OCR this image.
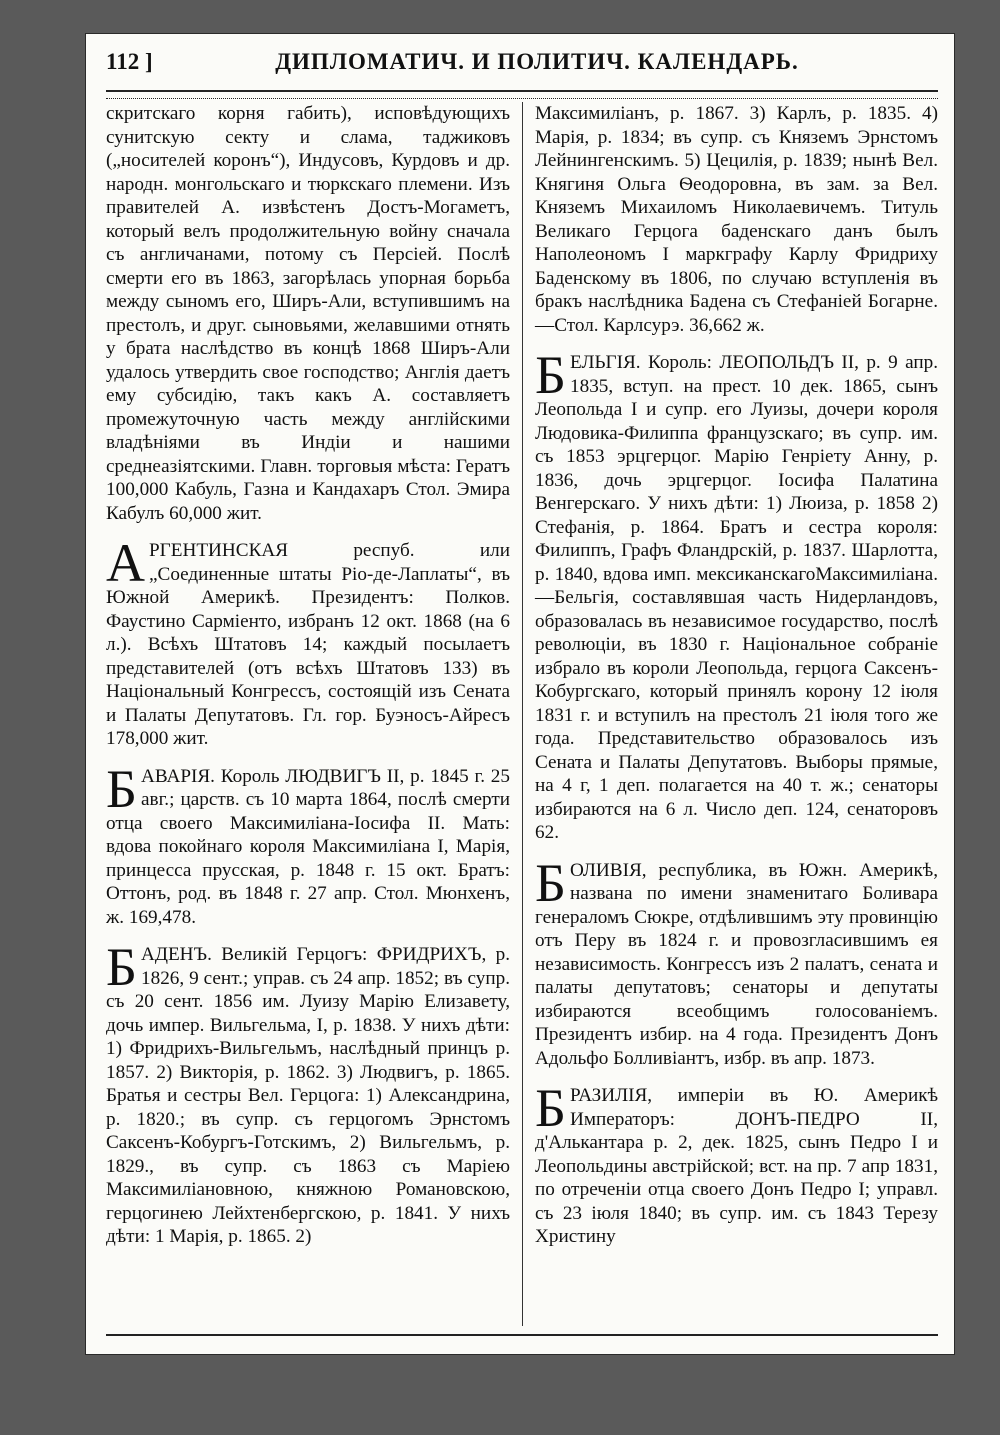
112 ]	ДИПЛОМАТИЧ. И ПОЛИТИЧ. КАЛЕНДАРЬ.

скритскаго корня габить), исповѣдующихъ сунитскую секту и слама, таджиковъ („носителей коронъ“), Индусовъ, Курдовъ и др. народн. монгольскаго и тюркскаго племени. Изъ правителей А. извѣстенъ Достъ-Могаметъ, который велъ продолжительную войну сначала съ англичанами, потому съ Персiей. Послѣ смерти его въ 1863, загорѣлась упорная борьба между сыномъ его, Ширъ-Али, вступившимъ на престолъ, и друг. сыновьями, желавшими отнять у брата наслѣдство въ концѣ 1868 Ширъ-Али удалось утвердить свое господство; Англiя даетъ ему субсидiю, такъ какъ А. составляетъ промежуточную часть между англiйскими владѣнiями въ Индiи и нашими среднеазiятскими. Главн. торговыя мѣста: Гератъ 100,000 Кабуль, Газна и Кандахаръ Стол. Эмира Кабулъ 60,000 жит.

А РГЕНТИНСКАЯ респуб. или „Соединенные штаты Рiо-де-Лаплаты“, въ Южной Америкѣ. Президентъ: Полков. Фаустино Сармiенто, избранъ 12 окт. 1868 (на 6 л.). Всѣхъ Штатовъ 14; каждый посылаетъ представителей (отъ всѣхъ Штатовъ 133) въ Національный Конгрессъ, состоящiй изъ Сената и Палаты Депутатовъ. Гл. гор. Буэносъ-Айресъ 178,000 жит.
Б АВАРIЯ. Король ЛЮДВИГЪ II, р. 1845 г. 25 авг.; царств. съ 10 марта 1864, послѣ смерти отца своего Максимилiана-Iосифа II. Мать: вдова покойнаго короля Максимилiана I, Марiя, принцесса прусская, р. 1848 г. 15 окт. Братъ: Оттонъ, род. въ 1848 г. 27 апр. Стол. Мюнхенъ, ж. 169,478.
Б АДЕНЪ. Великiй Герцогъ: ФРИДРИХЪ, р. 1826, 9 сент.; управ. съ 24 апр. 1852; въ супр. съ 20 сент. 1856 им. Луизу Марiю Елизавету, дочь импер. Вильгельма, I, р. 1838. У нихъ дѣти: 1) Фридрихъ-Вильгельмъ, наслѣдный принцъ р. 1857. 2) Викторiя, р. 1862. 3) Людвигъ, р. 1865. Братья и сестры Вел. Герцога: 1) Александрина, р. 1820.; въ супр. съ герцогомъ Эрнстомъ Саксенъ-Кобургъ-Готскимъ, 2) Вильгельмъ, р. 1829., въ супр. съ 1863 съ Марiею Максимилiановною, княжною Романовскою, герцогинею Лейхтенбергскою, р. 1841. У нихъ дѣти: 1 Марiя, р. 1865. 2)

Максимилiанъ, р. 1867. 3) Карлъ, р. 1835. 4) Марiя, р. 1834; въ супр. съ Княземъ Эрнстомъ Лейнингенскимъ. 5) Цецилiя, р. 1839; нынѣ Вел. Княгиня Ольга Ѳеодоровна, въ зам. за Вел. Княземъ Михаиломъ Николаевичемъ. Титуль Великаго Герцога баденскаго данъ былъ Наполеономъ I маркграфу Карлу Фридриху Баденскому въ 1806, по случаю вступленiя въ бракъ наслѣдника Бадена съ Стефанiей Богарне.—Стол. Карлсурэ. 36,662 ж.

Б ЕЛЬГIЯ. Король: ЛЕОПОЛЬДЪ II, р. 9 апр. 1835, вступ. на прест. 10 дек. 1865, сынъ Леопольда I и супр. его Луизы, дочери короля Людовика-Филиппа французскаго; въ супр. им. съ 1853 эрцгерцог. Марiю Генрiету Анну, р. 1836, дочь эрцгерцог. Iосифа Палатина Венгерскаго. У нихъ дѣти: 1) Люиза, р. 1858 2) Стефанiя, р. 1864. Братъ и сестра короля: Филиппъ, Графъ Фландрскiй, р. 1837. Шарлотта, р. 1840, вдова имп. мексиканскагоМаксимилiана.—Бельгiя, составлявшая часть Нидерландовъ, образовалась въ независимое государство, послѣ революцiи, въ 1830 г. Національное собранiе избрало въ короли Леопольда, герцога Саксенъ-Кобургскаго, который принялъ корону 12 iюля 1831 г. и вступилъ на престолъ 21 iюля того же года. Представительство образовалось изъ Сената и Палаты Депутатовъ. Выборы прямые, на 4 г, 1 деп. полагается на 40 т. ж.; сенаторы избираются на 6 л. Число деп. 124, сенаторовъ 62.
Б ОЛИВIЯ, республика, въ Южн. Америкѣ, названа по имени знаменитаго Боливара генераломъ Сюкре, отдѣлившимъ эту провинцiю отъ Перу въ 1824 г. и провозгласившимъ ея независимость. Конгрессъ изъ 2 палатъ, сената и палаты депутатовъ; сенаторы и депутаты избираются всеобщимъ голосованiемъ. Президентъ избир. на 4 года. Президентъ Донъ Адольфо Болливiантъ, избр. въ апр. 1873.
Б РАЗИЛIЯ, имперiи въ Ю. Америкѣ Императоръ: ДОНЪ-ПЕДРО II, д'Алькантара р. 2, дек. 1825, сынъ Педро I и Леопольдины австрiйской; вст. на пр. 7 апр 1831, по отреченiи отца своего Донъ Педро I; управл. съ 23 iюля 1840; въ супр. им. съ 1843 Терезу Христину
